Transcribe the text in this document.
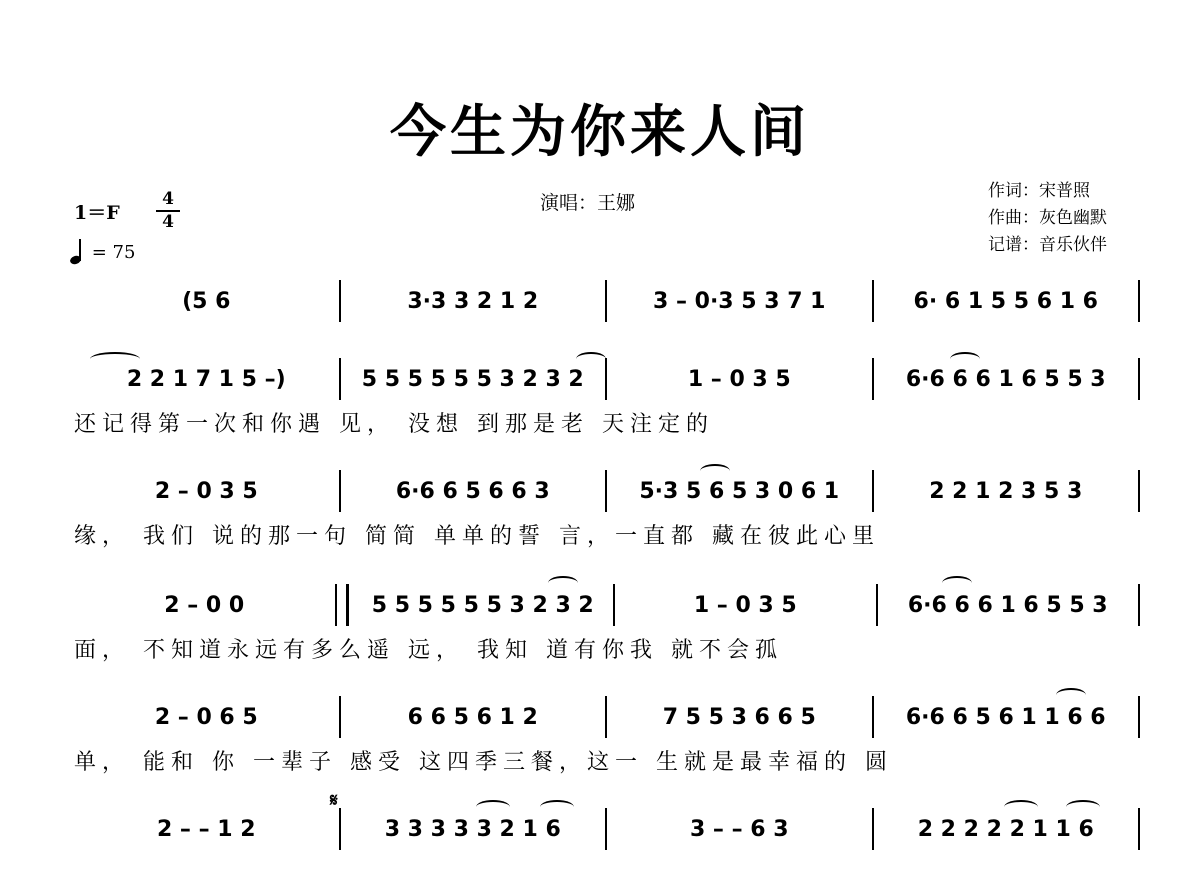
今生为你来人间
演唱：王娜
作词：宋普照
作曲：灰色幽默
记谱：音乐伙伴
1＝F
4
4
= 75
(5 6	3·3 3 2 1 2	3 – 0·3 5 3 7 1	6· 6 1 5 5 6 1 6
2 2 1 7 1 5 –)	5 5 5 5 5 5 3 2 3 2	1 – 0 3 5	6·6 6 6 1 6 5 5 3
还记得第一次和你遇 见， 没想 到那是老 天注定的
2 – 0 3 5	6·6 6 5 6 6 3	5·3 5 6 5 3 0 6 1	2 2 1 2 3 5 3
缘， 我们 说的那一句 简简 单单的誓 言，一直都 藏在彼此心里
2 – 0 0	5 5 5 5 5 5 3 2 3 2	1 – 0 3 5	6·6 6 6 1 6 5 5 3
面， 不知道永远有多么遥 远， 我知 道有你我 就不会孤
2 – 0 6 5	6 6 5 6 1 2	7 5 5 3 6 6 5	6·6 6 5 6 1 1 6 6
单， 能和 你 一辈子 感受 这四季三餐，这一 生就是最幸福的 圆
2 – – 1 2	3 3 3 3 3 2 1 6	3 – – 6 3	2 2 2 2 2 1 1 6
𝄋
